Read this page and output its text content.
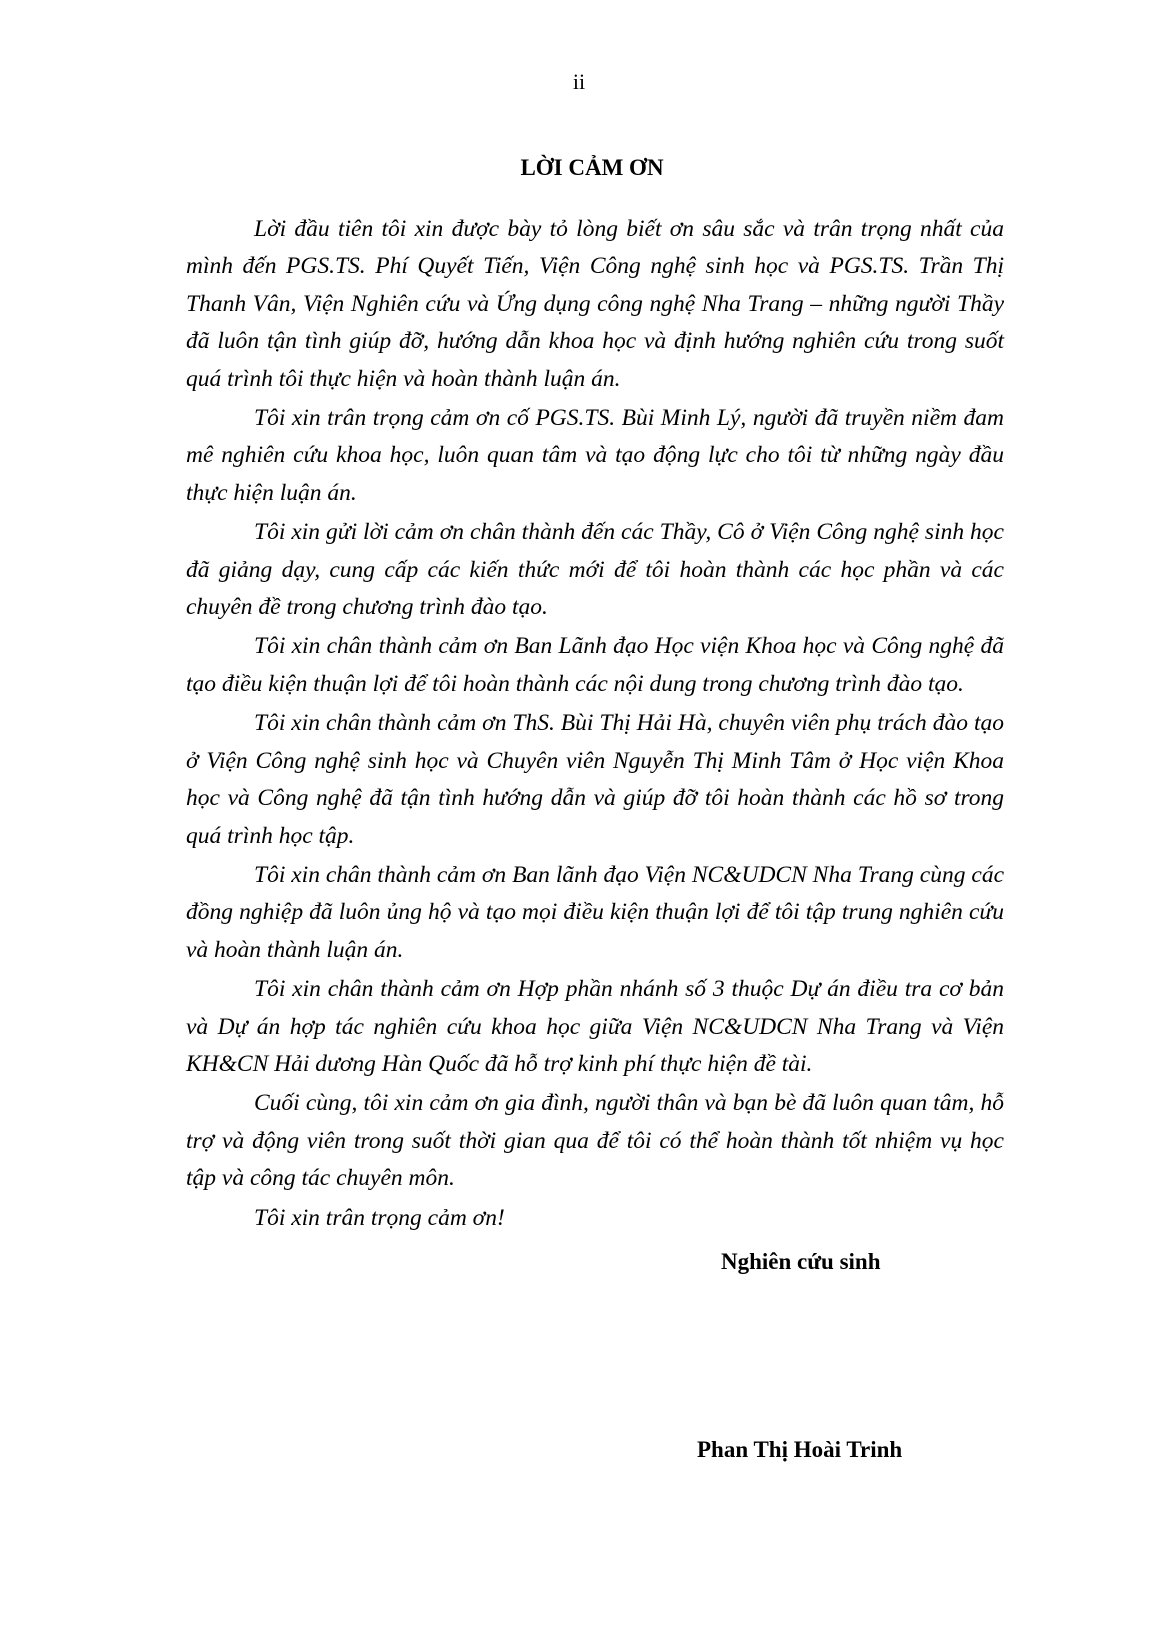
ii
LỜI CẢM ƠN

Lời đầu tiên tôi xin được bày tỏ lòng biết ơn sâu sắc và trân trọng nhất của mình đến PGS.TS. Phí Quyết Tiến, Viện Công nghệ sinh học và PGS.TS. Trần Thị Thanh Vân, Viện Nghiên cứu và Ứng dụng công nghệ Nha Trang – những người Thầy đã luôn tận tình giúp đỡ, hướng dẫn khoa học và định hướng nghiên cứu trong suốt quá trình tôi thực hiện và hoàn thành luận án.

Tôi xin trân trọng cảm ơn cố PGS.TS. Bùi Minh Lý, người đã truyền niềm đam mê nghiên cứu khoa học, luôn quan tâm và tạo động lực cho tôi từ những ngày đầu thực hiện luận án.

Tôi xin gửi lời cảm ơn chân thành đến các Thầy, Cô ở Viện Công nghệ sinh học đã giảng dạy, cung cấp các kiến thức mới để tôi hoàn thành các học phần và các chuyên đề trong chương trình đào tạo.

Tôi xin chân thành cảm ơn Ban Lãnh đạo Học viện Khoa học và Công nghệ đã tạo điều kiện thuận lợi để tôi hoàn thành các nội dung trong chương trình đào tạo.

Tôi xin chân thành cảm ơn ThS. Bùi Thị Hải Hà, chuyên viên phụ trách đào tạo ở Viện Công nghệ sinh học và Chuyên viên Nguyễn Thị Minh Tâm ở Học viện Khoa học và Công nghệ đã tận tình hướng dẫn và giúp đỡ tôi hoàn thành các hồ sơ trong quá trình học tập.

Tôi xin chân thành cảm ơn Ban lãnh đạo Viện NC&UDCN Nha Trang cùng các đồng nghiệp đã luôn ủng hộ và tạo mọi điều kiện thuận lợi để tôi tập trung nghiên cứu và hoàn thành luận án.

Tôi xin chân thành cảm ơn Hợp phần nhánh số 3 thuộc Dự án điều tra cơ bản và Dự án hợp tác nghiên cứu khoa học giữa Viện NC&UDCN Nha Trang và Viện KH&CN Hải dương Hàn Quốc đã hỗ trợ kinh phí thực hiện đề tài.

Cuối cùng, tôi xin cảm ơn gia đình, người thân và bạn bè đã luôn quan tâm, hỗ trợ và động viên trong suốt thời gian qua để tôi có thể hoàn thành tốt nhiệm vụ học tập và công tác chuyên môn.

Tôi xin trân trọng cảm ơn!

Nghiên cứu sinh
Phan Thị Hoài Trinh
